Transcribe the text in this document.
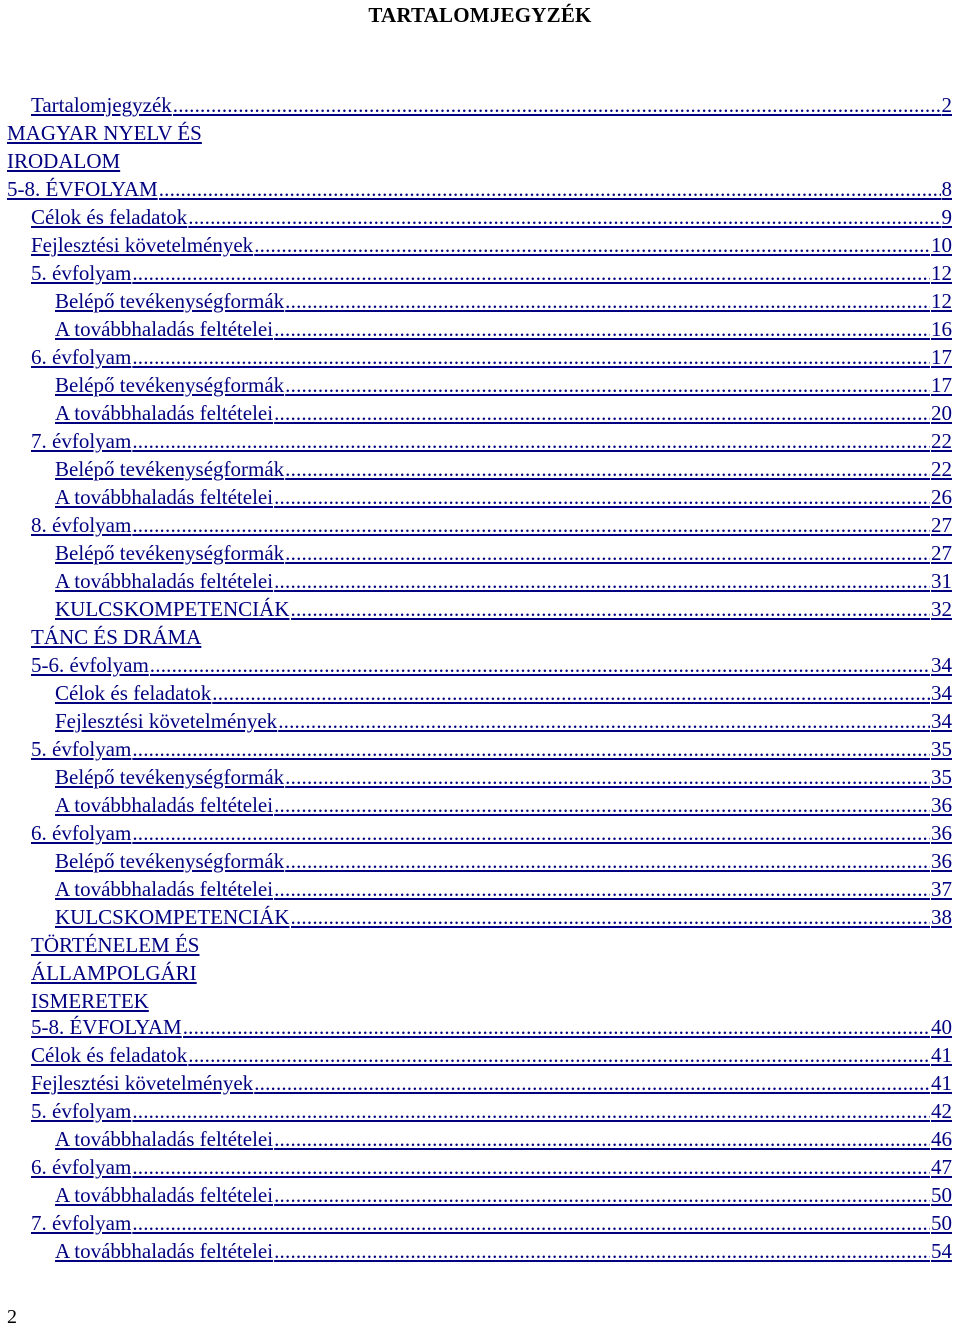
TARTALOMJEGYZÉK
Tartalomjegyzék .....	2
MAGYAR NYELV ÉS
IRODALOM
5-8. ÉVFOLYAM .....	8
Célok és feladatok .....	9
Fejlesztési követelmények .....	10
5. évfolyam .....	12
Belépő tevékenységformák .....	12
A továbbhaladás feltételei .....	16
6. évfolyam .....	17
Belépő tevékenységformák .....	17
A továbbhaladás feltételei .....	20
7. évfolyam .....	22
Belépő tevékenységformák .....	22
A továbbhaladás feltételei .....	26
8. évfolyam .....	27
Belépő tevékenységformák .....	27
A továbbhaladás feltételei .....	31
KULCSKOMPETENCIÁK .....	32
TÁNC ÉS DRÁMA
5-6. évfolyam .....	34
Célok és feladatok .....	34
Fejlesztési követelmények .....	34
5. évfolyam .....	35
Belépő tevékenységformák .....	35
A továbbhaladás feltételei .....	36
6. évfolyam .....	36
Belépő tevékenységformák .....	36
A továbbhaladás feltételei .....	37
KULCSKOMPETENCIÁK .....	38
TÖRTÉNELEM ÉS
ÁLLAMPOLGÁRI
ISMERETEK
5-8. ÉVFOLYAM .....	40
Célok és feladatok .....	41
Fejlesztési követelmények .....	41
5. évfolyam .....	42
A továbbhaladás feltételei .....	46
6. évfolyam .....	47
A továbbhaladás feltételei .....	50
7. évfolyam .....	50
A továbbhaladás feltételei .....	54
2
